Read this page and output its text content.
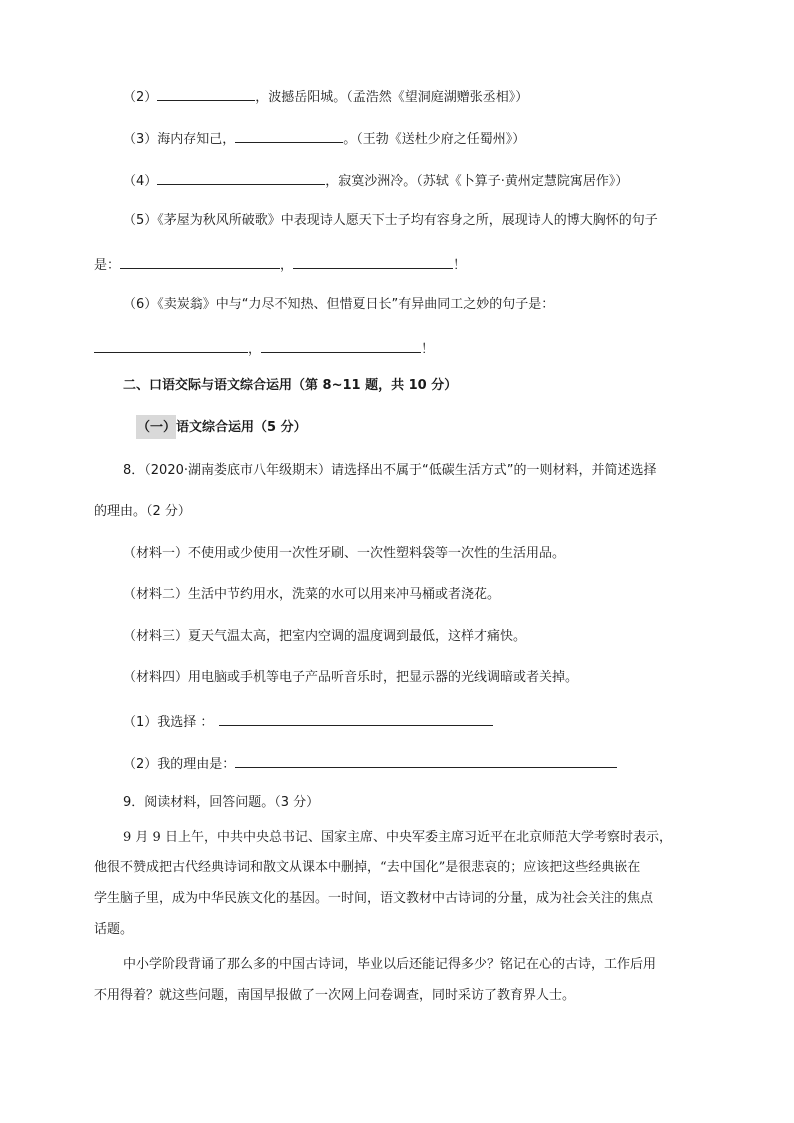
（2）	，波撼岳阳城。（孟浩然《望洞庭湖赠张丞相》）
（3）海内存知己，	。（王勃《送杜少府之任蜀州》）
（4）	，寂寞沙洲冷。（苏轼《卜算子·黄州定慧院寓居作》）
（5）《茅屋为秋风所破歌》中表现诗人愿天下士子均有容身之所，展现诗人的博大胸怀的句子
是：	，	！
（6）《卖炭翁》中与“力尽不知热、但惜夏日长”有异曲同工之妙的句子是：
，	！
二、口语交际与语文综合运用（第 8~11 题，共 10 分）
（一）语文综合运用（5 分）
8．（2020·湖南娄底市八年级期末）请选择出不属于“低碳生活方式”的一则材料，并简述选择
的理由。（2 分）
（材料一）不使用或少使用一次性牙刷、一次性塑料袋等一次性的生活用品。
（材料二）生活中节约用水，洗菜的水可以用来冲马桶或者浇花。
（材料三）夏天气温太高，把室内空调的温度调到最低，这样才痛快。
（材料四）用电脑或手机等电子产品听音乐时，把显示器的光线调暗或者关掉。
（1）我选择 ：
（2）我的理由是：
9．阅读材料，回答问题。（3 分）
9 月 9 日上午，中共中央总书记、国家主席、中央军委主席习近平在北京师范大学考察时表示，
他很不赞成把古代经典诗词和散文从课本中删掉，“去中国化”是很悲哀的；应该把这些经典嵌在
学生脑子里，成为中华民族文化的基因。一时间，语文教材中古诗词的分量，成为社会关注的焦点
话题。
中小学阶段背诵了那么多的中国古诗词，毕业以后还能记得多少？铭记在心的古诗，工作后用
不用得着？就这些问题，南国早报做了一次网上问卷调查，同时采访了教育界人士。
